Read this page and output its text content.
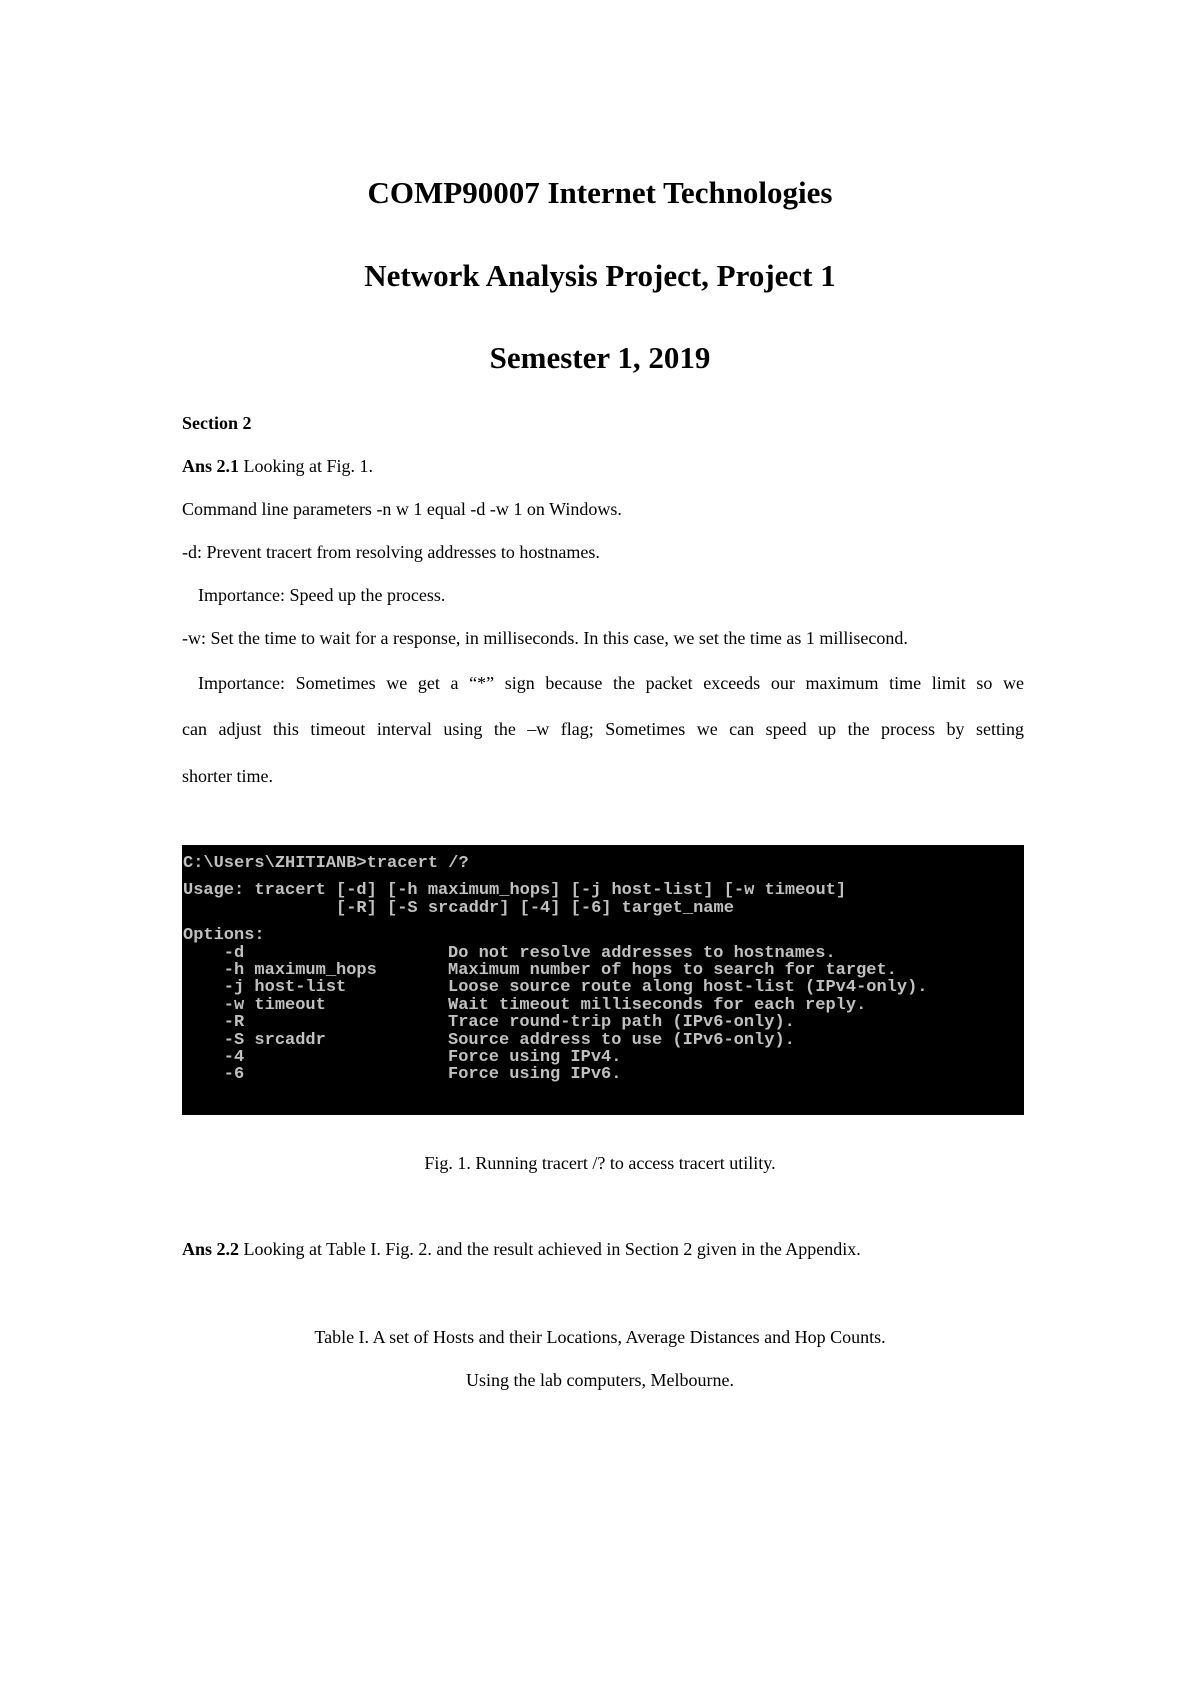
COMP90007 Internet Technologies
Network Analysis Project, Project 1
Semester 1, 2019

Section 2

Ans 2.1 Looking at Fig. 1.

Command line parameters -n w 1 equal -d -w 1 on Windows.

-d: Prevent tracert from resolving addresses to hostnames.

Importance: Speed up the process.

-w: Set the time to wait for a response, in milliseconds. In this case, we set the time as 1 millisecond.

Importance: Sometimes we get a “*” sign because the packet exceeds our maximum time limit so we

can adjust this timeout interval using the –w flag; Sometimes we can speed up the process by setting

shorter time.

C:\Users\ZHITIANB>tracert /?
Usage: tracert [-d] [-h maximum_hops] [-j host-list] [-w timeout]
[-R] [-S srcaddr] [-4] [-6] target_name
Options:
-d	Do not resolve addresses to hostnames.
-h maximum_hops	Maximum number of hops to search for target.
-j host-list	Loose source route along host-list (IPv4-only).
-w timeout	Wait timeout milliseconds for each reply.
-R	Trace round-trip path (IPv6-only).
-S srcaddr	Source address to use (IPv6-only).
-4	Force using IPv4.
-6	Force using IPv6.

Fig. 1. Running tracert /? to access tracert utility.

Ans 2.2 Looking at Table I. Fig. 2. and the result achieved in Section 2 given in the Appendix.

Table I. A set of Hosts and their Locations, Average Distances and Hop Counts.

Using the lab computers, Melbourne.
